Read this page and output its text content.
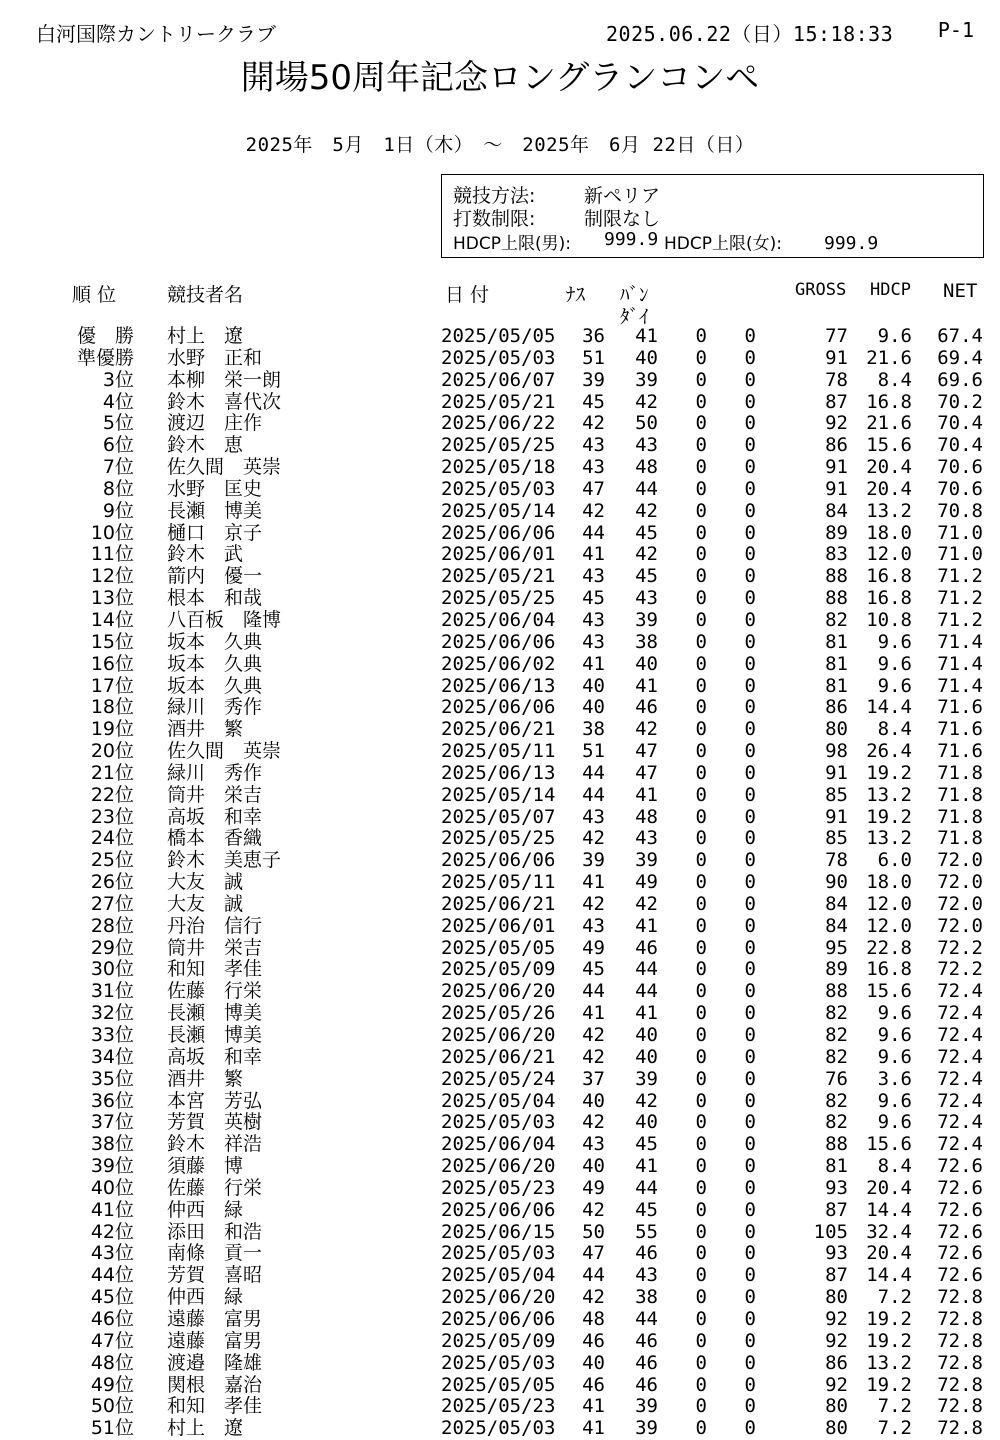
白河国際カントリークラブ	2025.06.22（日）15:18:33 P-1
開場50周年記念ロングランコンペ
2025年　5月　1日（木）　～　2025年　6月 22日（日）
競技方法:	新ペリア
打数制限:	制限なし
HDCP上限(男): 999.9 HDCP上限(女): 999.9
順 位	競技者名	日 付	ﾅｽ ﾊﾞﾝ
ﾀﾞｲ
GROSS HDCP NET
優　勝 村上　遼	2025/05/05 36 41 0 0	77 9.6 67.4
準優勝 水野　正和	2025/05/03 51 40 0 0	91 21.6 69.4
3位 本柳　栄一朗	2025/06/07 39 39 0 0	78 8.4 69.6
4位 鈴木　喜代次	2025/05/21 45 42 0 0	87 16.8 70.2
5位 渡辺　庄作	2025/06/22 42 50 0 0	92 21.6 70.4
6位 鈴木　恵	2025/05/25 43 43 0 0	86 15.6 70.4
7位 佐久間　英崇	2025/05/18 43 48 0 0	91 20.4 70.6
8位 水野　匡史	2025/05/03 47 44 0 0	91 20.4 70.6
9位 長瀬　博美	2025/05/14 42 42 0 0	84 13.2 70.8
10位 樋口　京子	2025/06/06 44 45 0 0	89 18.0 71.0
11位 鈴木　武	2025/06/01 41 42 0 0	83 12.0 71.0
12位 箭内　優一	2025/05/21 43 45 0 0	88 16.8 71.2
13位 根本　和哉	2025/05/25 45 43 0 0	88 16.8 71.2
14位 八百板　隆博	2025/06/04 43 39 0 0	82 10.8 71.2
15位 坂本　久典	2025/06/06 43 38 0 0	81 9.6 71.4
16位 坂本　久典	2025/06/02 41 40 0 0	81 9.6 71.4
17位 坂本　久典	2025/06/13 40 41 0 0	81 9.6 71.4
18位 緑川　秀作	2025/06/06 40 46 0 0	86 14.4 71.6
19位 酒井　繁	2025/06/21 38 42 0 0	80 8.4 71.6
20位 佐久間　英崇	2025/05/11 51 47 0 0	98 26.4 71.6
21位 緑川　秀作	2025/06/13 44 47 0 0	91 19.2 71.8
22位 筒井　栄吉	2025/05/14 44 41 0 0	85 13.2 71.8
23位 高坂　和幸	2025/05/07 43 48 0 0	91 19.2 71.8
24位 橋本　香織	2025/05/25 42 43 0 0	85 13.2 71.8
25位 鈴木　美恵子	2025/06/06 39 39 0 0	78 6.0 72.0
26位 大友　誠	2025/05/11 41 49 0 0	90 18.0 72.0
27位 大友　誠	2025/06/21 42 42 0 0	84 12.0 72.0
28位 丹治　信行	2025/06/01 43 41 0 0	84 12.0 72.0
29位 筒井　栄吉	2025/05/05 49 46 0 0	95 22.8 72.2
30位 和知　孝佳	2025/05/09 45 44 0 0	89 16.8 72.2
31位 佐藤　行栄	2025/06/20 44 44 0 0	88 15.6 72.4
32位 長瀬　博美	2025/05/26 41 41 0 0	82 9.6 72.4
33位 長瀬　博美	2025/06/20 42 40 0 0	82 9.6 72.4
34位 高坂　和幸	2025/06/21 42 40 0 0	82 9.6 72.4
35位 酒井　繁	2025/05/24 37 39 0 0	76 3.6 72.4
36位 本宮　芳弘	2025/05/04 40 42 0 0	82 9.6 72.4
37位 芳賀　英樹	2025/05/03 42 40 0 0	82 9.6 72.4
38位 鈴木　祥浩	2025/06/04 43 45 0 0	88 15.6 72.4
39位 須藤　博	2025/06/20 40 41 0 0	81 8.4 72.6
40位 佐藤　行栄	2025/05/23 49 44 0 0	93 20.4 72.6
41位 仲西　緑	2025/06/06 42 45 0 0	87 14.4 72.6
42位 添田　和浩	2025/06/15 50 55 0 0	105 32.4 72.6
43位 南條　貢一	2025/05/03 47 46 0 0	93 20.4 72.6
44位 芳賀　喜昭	2025/05/04 44 43 0 0	87 14.4 72.6
45位 仲西　緑	2025/06/20 42 38 0 0	80 7.2 72.8
46位 遠藤　富男	2025/06/06 48 44 0 0	92 19.2 72.8
47位 遠藤　富男	2025/05/09 46 46 0 0	92 19.2 72.8
48位 渡邉　隆雄	2025/05/03 40 46 0 0	86 13.2 72.8
49位 関根　嘉治	2025/05/05 46 46 0 0	92 19.2 72.8
50位 和知　孝佳	2025/05/23 41 39 0 0	80 7.2 72.8
51位 村上　遼	2025/05/03 41 39 0 0	80 7.2 72.8
